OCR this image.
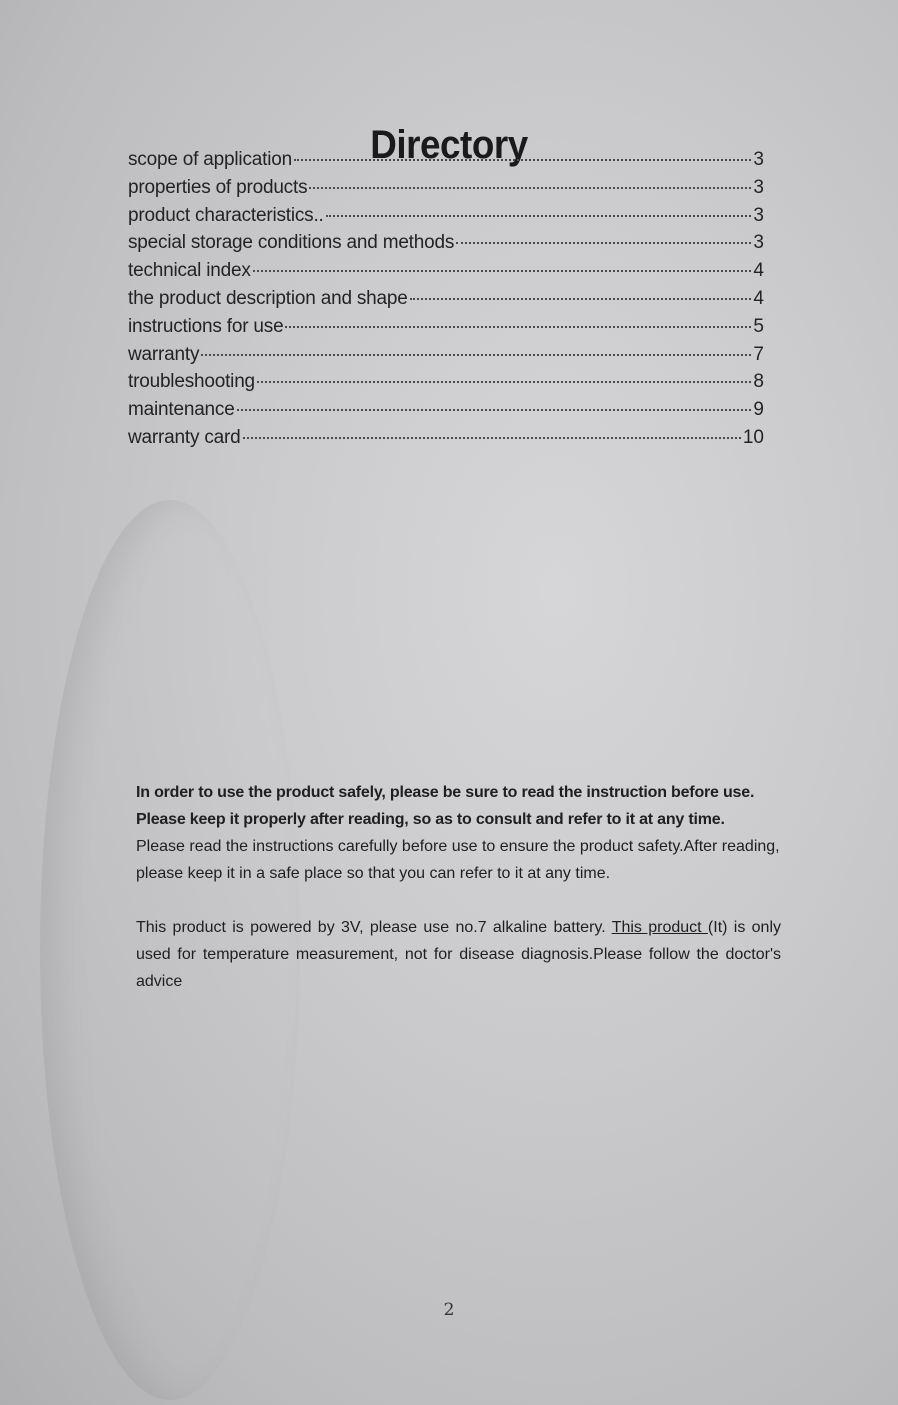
Directory
scope of application	3
properties of products	3
product characteristics..	3
special storage conditions and methods	3
technical index	4
the product description and shape	4
instructions for use	5
warranty	7
troubleshooting	8
maintenance	9
warranty card	10

In order to use the product safely, please be sure to read the instruction before use.

Please keep it properly after reading, so as to consult and refer to it at any time.

Please read the instructions carefully before use to ensure the product safety.After reading, please keep it in a safe place so that you can refer to it at any time.

This product is powered by 3V, please use no.7 alkaline battery. This product (It) is only used for temperature measurement, not for disease diagnosis.Please follow the doctor's advice

2
